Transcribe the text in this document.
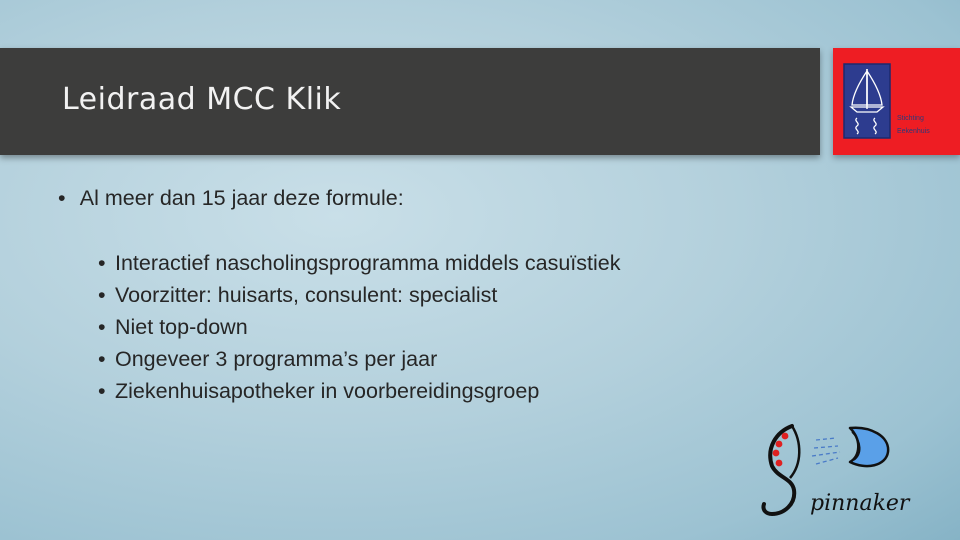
Leidraad MCC Klik
Stichting
Eekenhuis

• Al meer dan 15 jaar deze formule:

• Interactief nascholingsprogramma middels casuïstiek
• Voorzitter: huisarts, consulent: specialist
• Niet top-down
• Ongeveer 3 programma’s per jaar
• Ziekenhuisapotheker in voorbereidingsgroep
pinnaker
